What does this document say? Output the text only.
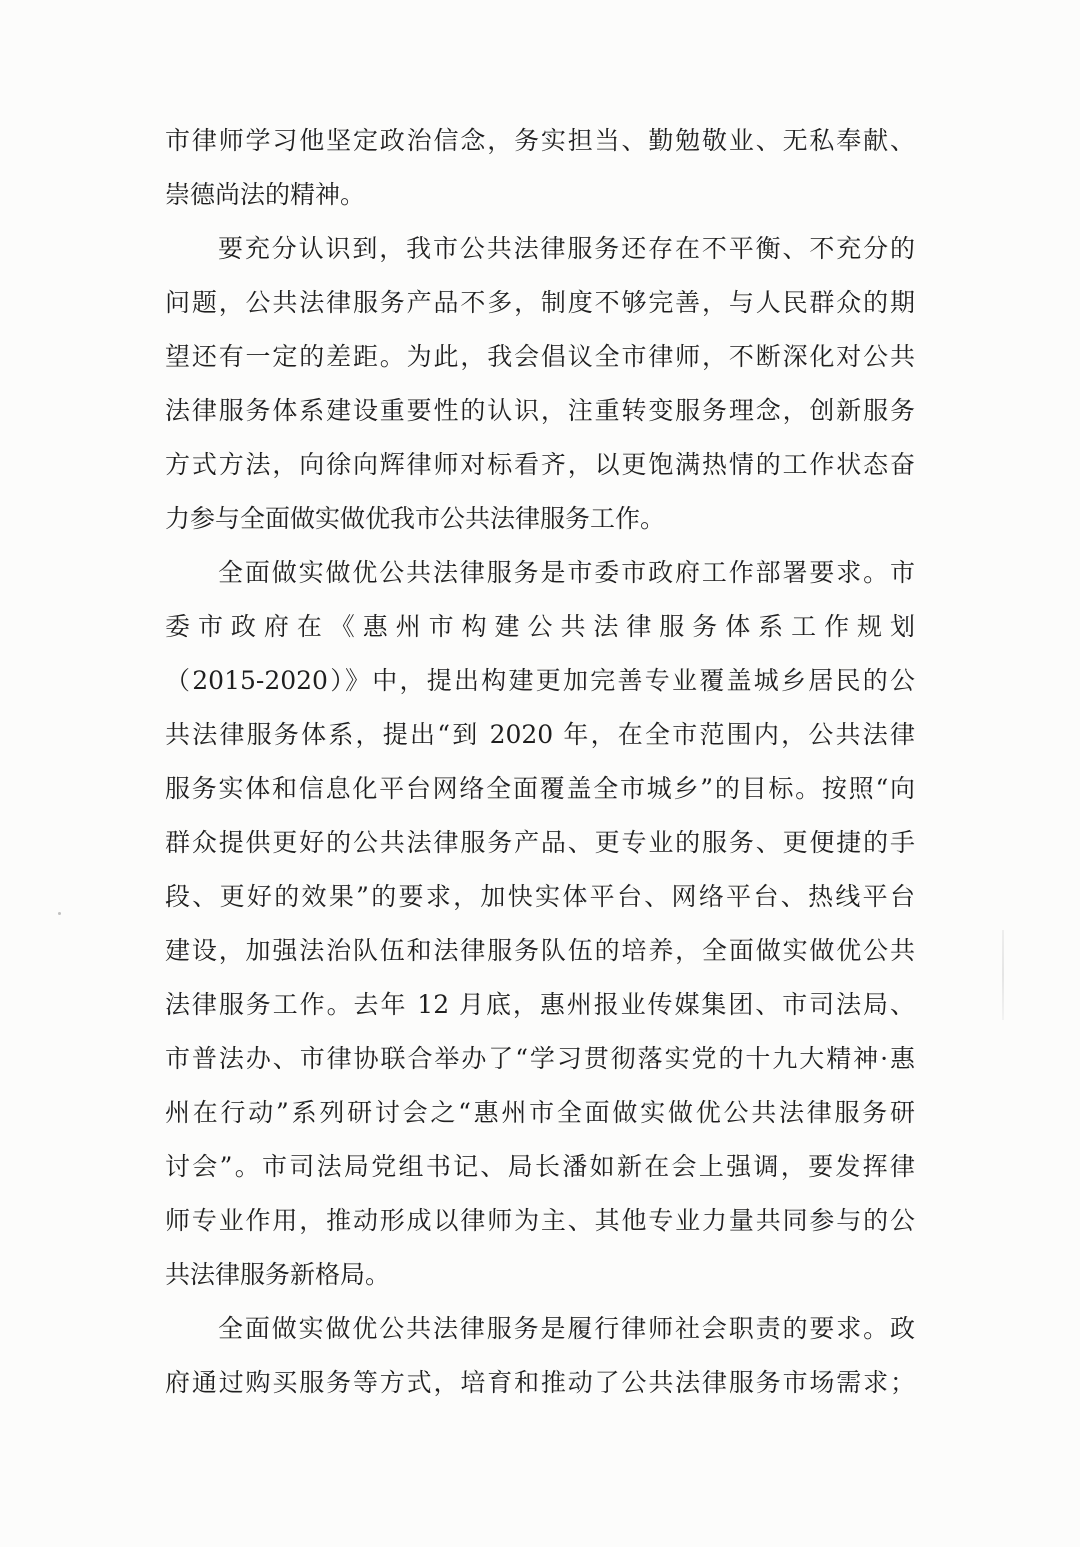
市律师学习他坚定政治信念，务实担当、勤勉敬业、无私奉献、
崇德尚法的精神。
要充分认识到，我市公共法律服务还存在不平衡、不充分的
问题，公共法律服务产品不多，制度不够完善，与人民群众的期
望还有一定的差距。为此，我会倡议全市律师，不断深化对公共
法律服务体系建设重要性的认识，注重转变服务理念，创新服务
方式方法，向徐向辉律师对标看齐，以更饱满热情的工作状态奋
力参与全面做实做优我市公共法律服务工作。
全面做实做优公共法律服务是市委市政府工作部署要求。市
委市政府在《惠州市构建公共法律服务体系工作规划
（2015-2020）》中，提出构建更加完善专业覆盖城乡居民的公
共法律服务体系，提出“到 2020 年，在全市范围内，公共法律
服务实体和信息化平台网络全面覆盖全市城乡”的目标。按照“向
群众提供更好的公共法律服务产品、更专业的服务、更便捷的手
段、更好的效果”的要求，加快实体平台、网络平台、热线平台
建设，加强法治队伍和法律服务队伍的培养，全面做实做优公共
法律服务工作。去年 12 月底，惠州报业传媒集团、市司法局、
市普法办、市律协联合举办了“学习贯彻落实党的十九大精神·惠
州在行动”系列研讨会之“惠州市全面做实做优公共法律服务研
讨会”。市司法局党组书记、局长潘如新在会上强调，要发挥律
师专业作用，推动形成以律师为主、其他专业力量共同参与的公
共法律服务新格局。
全面做实做优公共法律服务是履行律师社会职责的要求。政
府通过购买服务等方式，培育和推动了公共法律服务市场需求；
